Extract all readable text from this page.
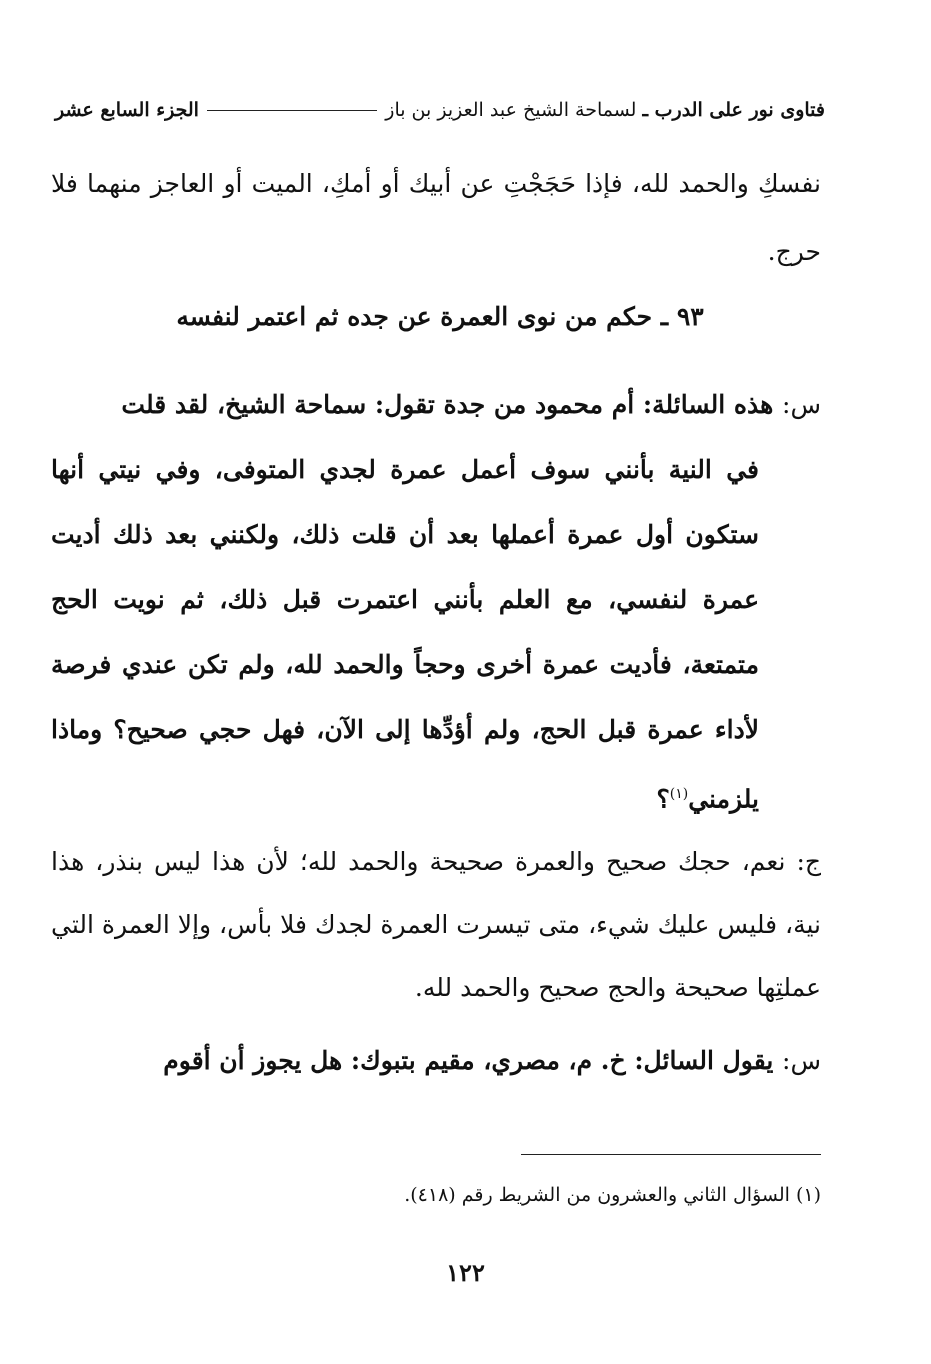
فتاوى نور على الدرب ـ
لسماحة الشيخ عبد العزيز بن باز
الجزء السابع عشر
نفسكِ والحمد لله، فإذا حَجَجْتِ عن أبيك أو أمكِ، الميت أو العاجز منهما فلا حرج.
٩٣ ـ حكم من نوى العمرة عن جده ثم اعتمر لنفسه
س: هذه السائلة: أم محمود من جدة تقول: سماحة الشيخ، لقد قلت
في النية بأنني سوف أعمل عمرة لجدي المتوفى، وفي نيتي أنها ستكون أول عمرة أعملها بعد أن قلت ذلك، ولكنني بعد ذلك أديت عمرة لنفسي، مع العلم بأنني اعتمرت قبل ذلك، ثم نويت الحج متمتعة، فأديت عمرة أخرى وحجاً والحمد لله، ولم تكن عندي فرصة لأداء عمرة قبل الحج، ولم أؤدِّها إلى الآن، فهل حجي صحيح؟ وماذا يلزمني$^{(١)}$؟
ج: نعم، حجك صحيح والعمرة صحيحة والحمد لله؛ لأن هذا ليس بنذر، هذا نية، فليس عليك شيء، متى تيسرت العمرة لجدك فلا بأس، وإلا العمرة التي عملتِها صحيحة والحج صحيح والحمد لله.
س: يقول السائل: خ. م، مصري، مقيم بتبوك: هل يجوز أن أقوم
(١) السؤال الثاني والعشرون من الشريط رقم (٤١٨).
١٢٢
